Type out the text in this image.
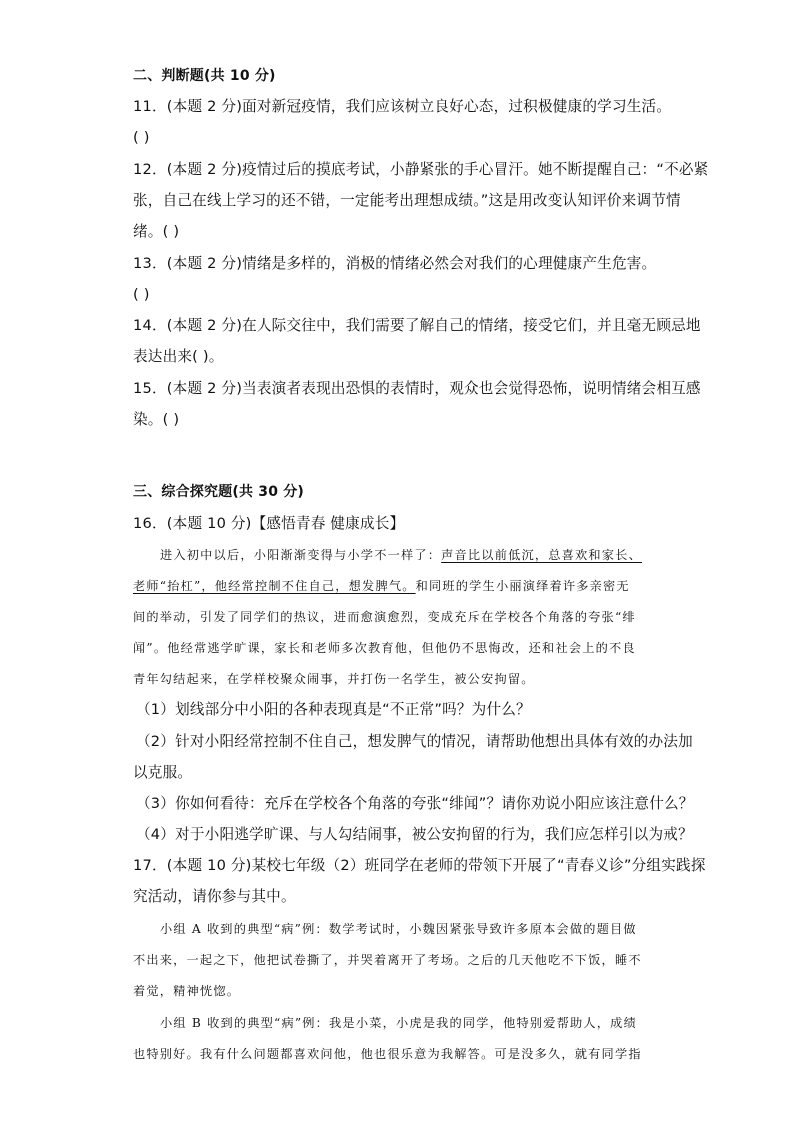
二、判断题(共 10 分)
11．(本题 2 分)面对新冠疫情，我们应该树立良好心态，过积极健康的学习生活。
( )
12．(本题 2 分)疫情过后的摸底考试，小静紧张的手心冒汗。她不断提醒自己：“不必紧
张，自己在线上学习的还不错，一定能考出理想成绩。”这是用改变认知评价来调节情
绪。( )
13．(本题 2 分)情绪是多样的，消极的情绪必然会对我们的心理健康产生危害。
( )
14．(本题 2 分)在人际交往中，我们需要了解自己的情绪，接受它们，并且毫无顾忌地
表达出来( )。
15．(本题 2 分)当表演者表现出恐惧的表情时，观众也会觉得恐怖，说明情绪会相互感
染。( )
三、综合探究题(共 30 分)
16．(本题 10 分)【感悟青春 健康成长】
进入初中以后，小阳渐渐变得与小学不一样了：声音比以前低沉，总喜欢和家长、
老师“抬杠”，他经常控制不住自己，想发脾气。和同班的学生小丽演绎着许多亲密无
间的举动，引发了同学们的热议，进而愈演愈烈，变成充斥在学校各个角落的夸张“绯
闻”。他经常逃学旷课，家长和老师多次教育他，但他仍不思悔改，还和社会上的不良
青年勾结起来，在学样校聚众闹事，并打伤一名学生，被公安拘留。
（1）划线部分中小阳的各种表现真是“不正常”吗？为什么？
（2）针对小阳经常控制不住自己，想发脾气的情况，请帮助他想出具体有效的办法加
以克服。
（3）你如何看待：充斥在学校各个角落的夸张“绯闻”？请你劝说小阳应该注意什么？
（4）对于小阳逃学旷课、与人勾结闹事，被公安拘留的行为，我们应怎样引以为戒？
17．(本题 10 分)某校七年级（2）班同学在老师的带领下开展了“青春义诊”分组实践探
究活动，请你参与其中。
小组 A 收到的典型“病”例：数学考试时，小魏因紧张导致许多原本会做的题目做
不出来，一起之下，他把试卷撕了，并哭着离开了考场。之后的几天他吃不下饭，睡不
着觉，精神恍惚。
小组 B 收到的典型“病”例：我是小菜，小虎是我的同学，他特别爱帮助人，成绩
也特别好。我有什么问题都喜欢问他，他也很乐意为我解答。可是没多久，就有同学指
